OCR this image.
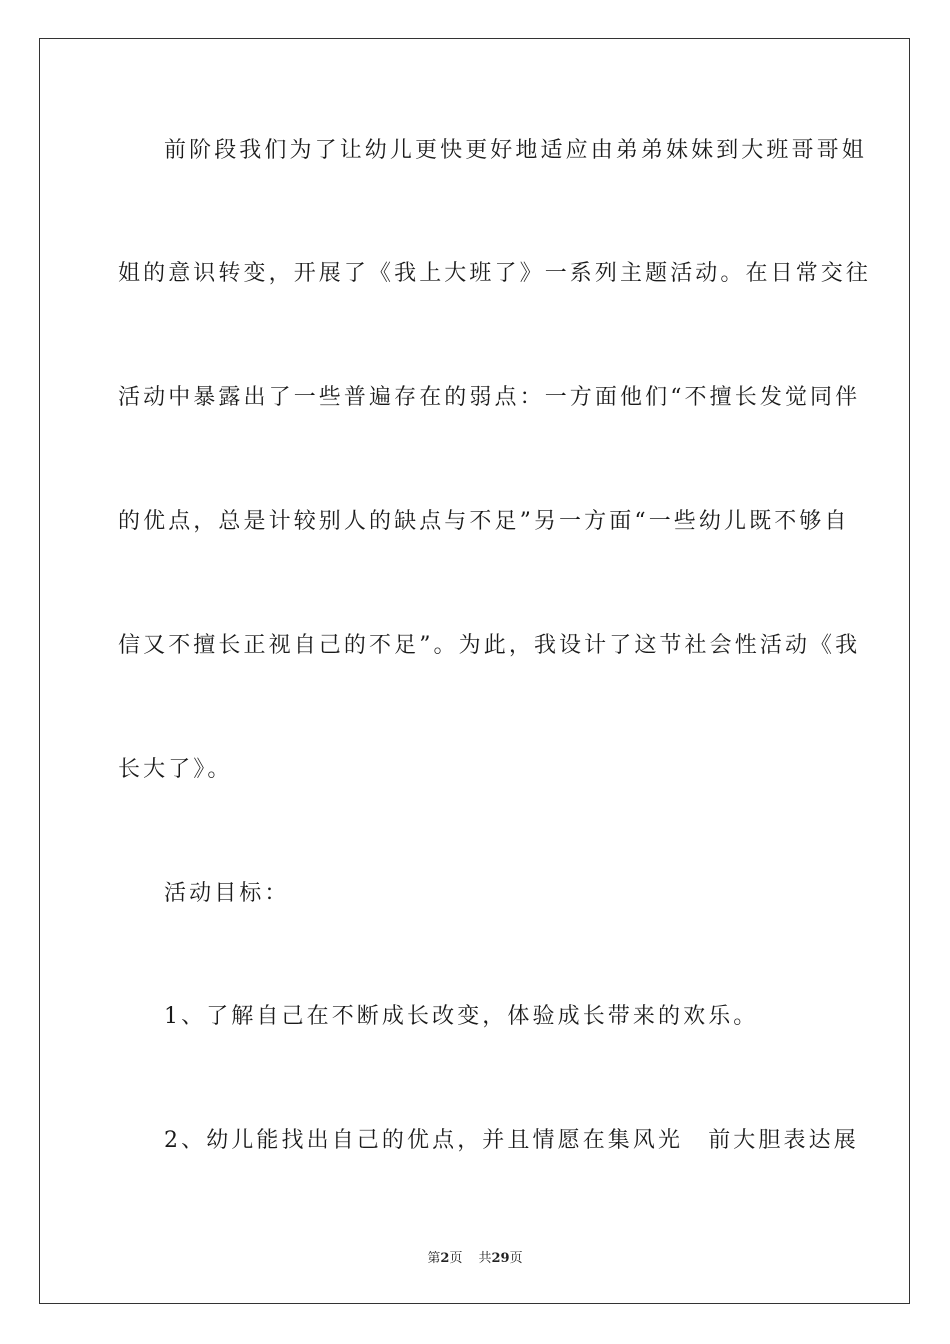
前阶段我们为了让幼儿更快更好地适应由弟弟妹妹到大班哥哥姐
姐的意识转变，开展了《我上大班了》一系列主题活动。在日常交往
活动中暴露出了一些普遍存在的弱点：一方面他们“不擅长发觉同伴
的优点，总是计较别人的缺点与不足”另一方面“一些幼儿既不够自
信又不擅长正视自己的不足”。为此，我设计了这节社会性活动《我
长大了》。
活动目标：
1、了解自己在不断成长改变，体验成长带来的欢乐。
2、幼儿能找出自己的优点，并且情愿在集风光　前大胆表达展
第2页 共29页
